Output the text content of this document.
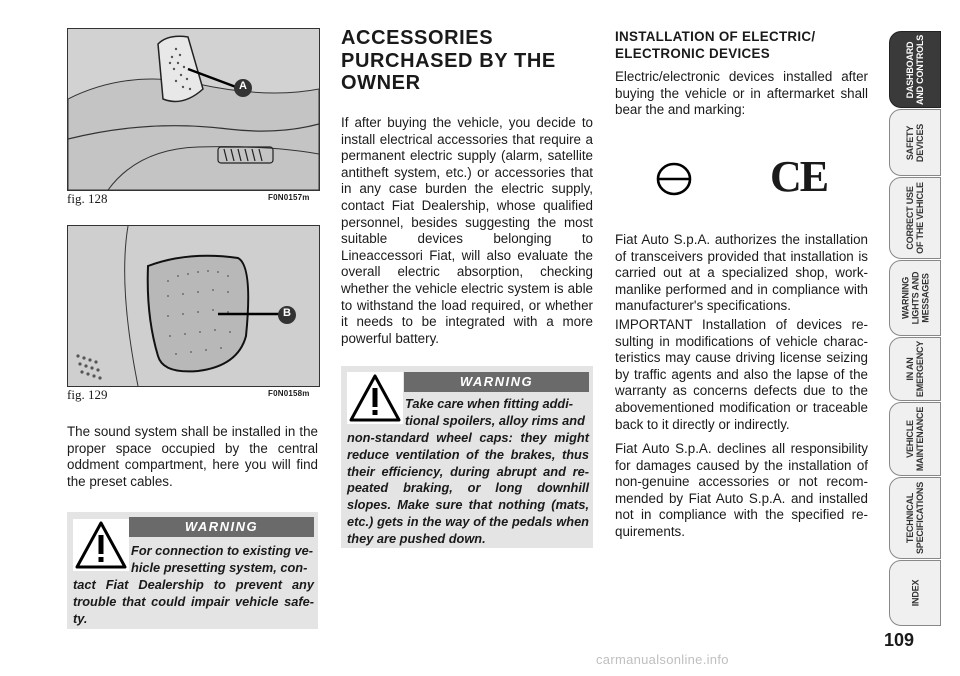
A
fig. 128	F0N0157m
B
fig. 129	F0N0158m
The sound system shall be installed in the proper space occupied by the central oddment compartment, here you will find the preset cables.
WARNING
For connection to existing ve-
hicle presetting system, con-
tact Fiat Dealership to prevent any trouble that could impair vehicle safe-ty.
ACCESSORIES PURCHASED BY THE OWNER
If after buying the vehicle, you decide to install electrical accessories that require a permanent electric supply (alarm, satellite antitheft system, etc.) or accessories that in any case burden the electric supply, contact Fiat Dealership, whose qualified personnel, besides suggesting the most suitable devices belonging to Lineaccessori Fiat, will also evaluate the overall electric absorption, checking whether the vehicle electric system is able to withstand the load required, or whether it needs to be integrated with a more powerful battery.
WARNING
Take care when fitting addi-
tional spoilers, alloy rims and
non-standard wheel caps: they might reduce ventilation of the brakes, thus their efficiency, during abrupt and re-peated braking, or long downhill slopes. Make sure that nothing (mats, etc.) gets in the way of the pedals when they are pushed down.
INSTALLATION OF ELECTRIC/ ELECTRONIC DEVICES
Electric/electronic devices installed after buying the vehicle or in aftermarket shall bear the and marking:
CE
Fiat Auto S.p.A. authorizes the installation of transceivers provided that installation is carried out at a specialized shop, work-manlike performed and in compliance with manufacturer's specifications.
IMPORTANT Installation of devices re-sulting in modifications of vehicle charac-teristics may cause driving license seizing by traffic agents and also the lapse of the warranty as concerns defects due to the abovementioned modification or traceable back to it directly or indirectly.
Fiat Auto S.p.A. declines all responsibility for damages caused by the installation of non-genuine accessories or not recom-mended by Fiat Auto S.p.A. and installed not in compliance with the specified re-quirements.
DASHBOARD
AND CONTROLS
SAFETY
DEVICES
CORRECT USE
OF THE VEHICLE
WARNING
LIGHTS AND
MESSAGES
IN AN
EMERGENCY
VEHICLE
MAINTENANCE
TECHNICAL
SPECIFICATIONS
INDEX
109
carmanualsonline.info
